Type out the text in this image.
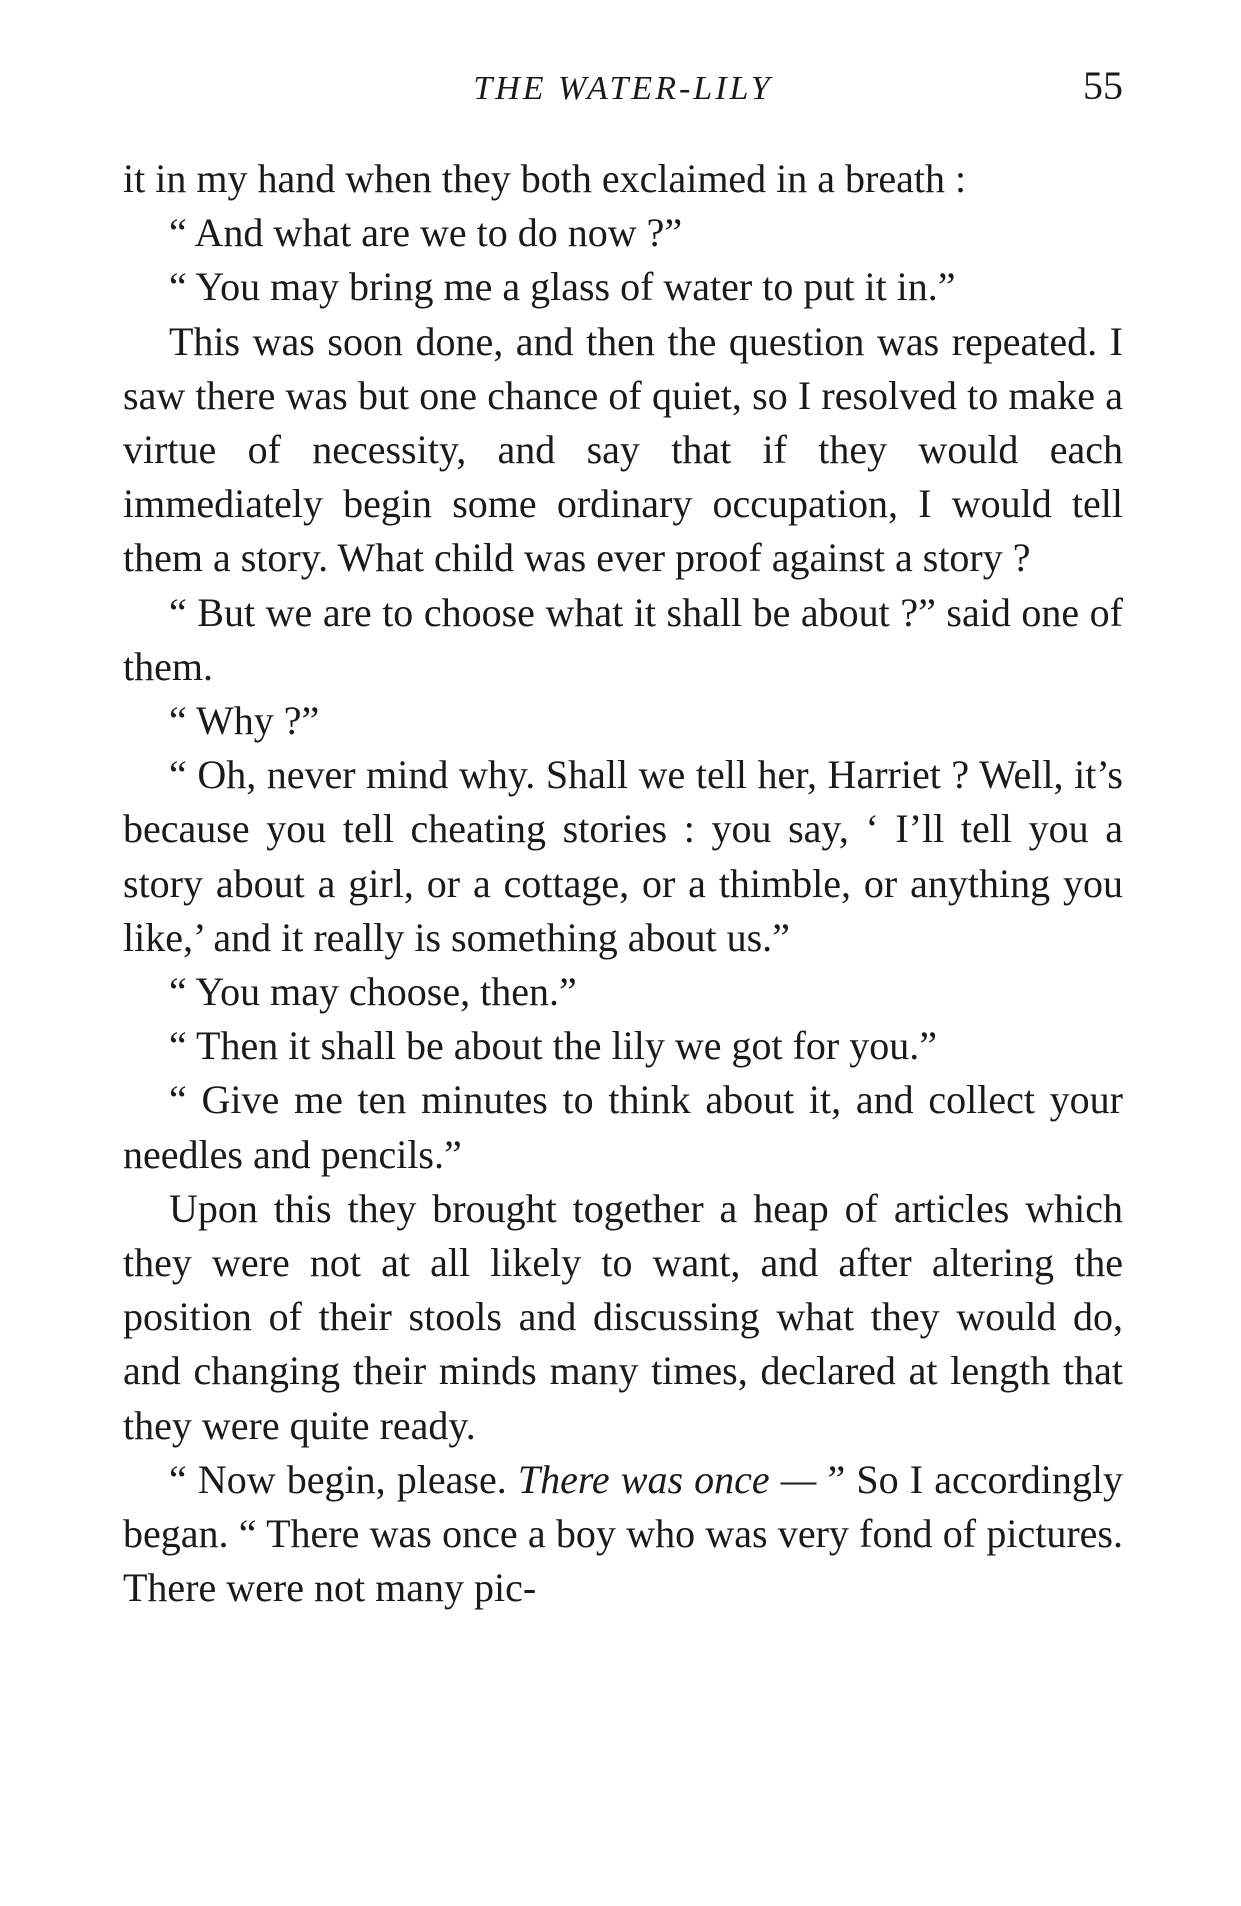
THE WATER-LILY	55

it in my hand when they both exclaimed in a breath :

“ And what are we to do now ?”

“ You may bring me a glass of water to put it in.”

This was soon done, and then the question was repeated. I saw there was but one chance of quiet, so I resolved to make a virtue of necessity, and say that if they would each immediately begin some ordinary occupation, I would tell them a story. What child was ever proof against a story ?

“ But we are to choose what it shall be about ?” said one of them.

“ Why ?”

“ Oh, never mind why. Shall we tell her, Harriet ? Well, it’s because you tell cheating stories : you say, ‘ I’ll tell you a story about a girl, or a cottage, or a thimble, or anything you like,’ and it really is something about us.”

“ You may choose, then.”

“ Then it shall be about the lily we got for you.”

“ Give me ten minutes to think about it, and collect your needles and pencils.”

Upon this they brought together a heap of articles which they were not at all likely to want, and after altering the position of their stools and discussing what they would do, and changing their minds many times, declared at length that they were quite ready.

“ Now begin, please. There was once — ” So I accordingly began. “ There was once a boy who was very fond of pictures. There were not many pic-
